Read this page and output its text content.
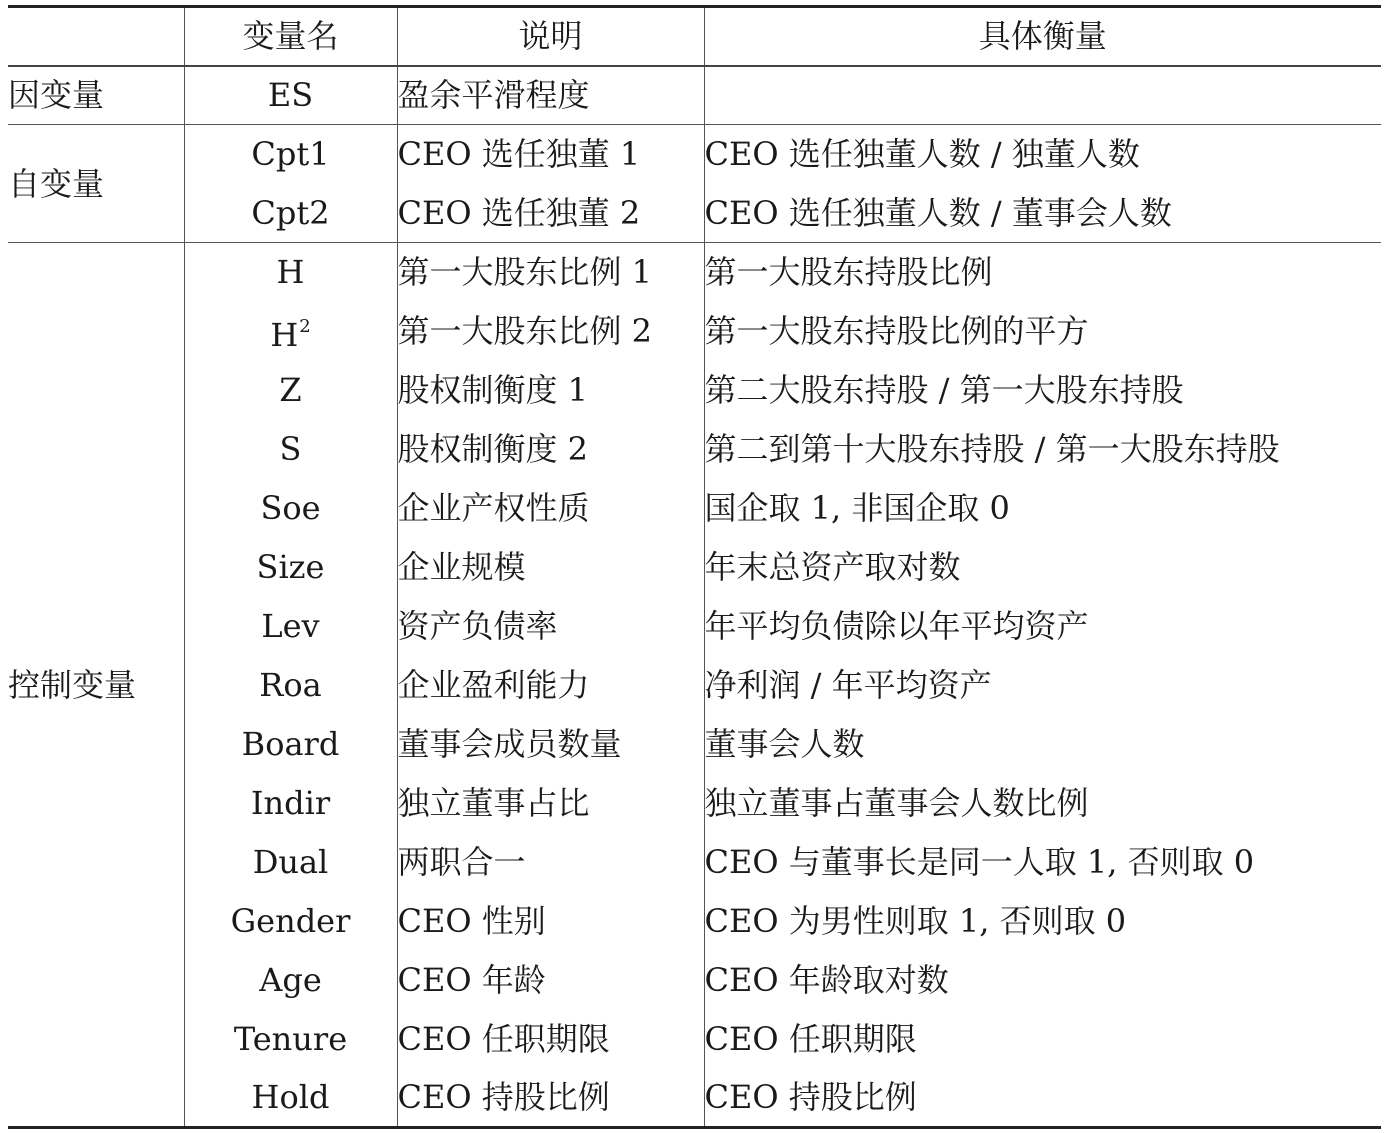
	变量名	说明	具体衡量
因变量	ES	盈余平滑程度	
自变量	Cpt1	CEO 选任独董 1	CEO 选任独董人数 / 独董人数
	Cpt2	CEO 选任独董 2	CEO 选任独董人数 / 董事会人数
控制变量	H	第一大股东比例 1	第一大股东持股比例
	$H^2$	第一大股东比例 2	第一大股东持股比例的平方
	Z	股权制衡度 1	第二大股东持股 / 第一大股东持股
	S	股权制衡度 2	第二到第十大股东持股 / 第一大股东持股
	Soe	企业产权性质	国企取 1, 非国企取 0
	Size	企业规模	年末总资产取对数
	Lev	资产负债率	年平均负债除以年平均资产
	Roa	企业盈利能力	净利润 / 年平均资产
	Board	董事会成员数量	董事会人数
	Indir	独立董事占比	独立董事占董事会人数比例
	Dual	两职合一	CEO 与董事长是同一人取 1, 否则取 0
	Gender	CEO 性别	CEO 为男性则取 1, 否则取 0
	Age	CEO 年龄	CEO 年龄取对数
	Tenure	CEO 任职期限	CEO 任职期限
	Hold	CEO 持股比例	CEO 持股比例
